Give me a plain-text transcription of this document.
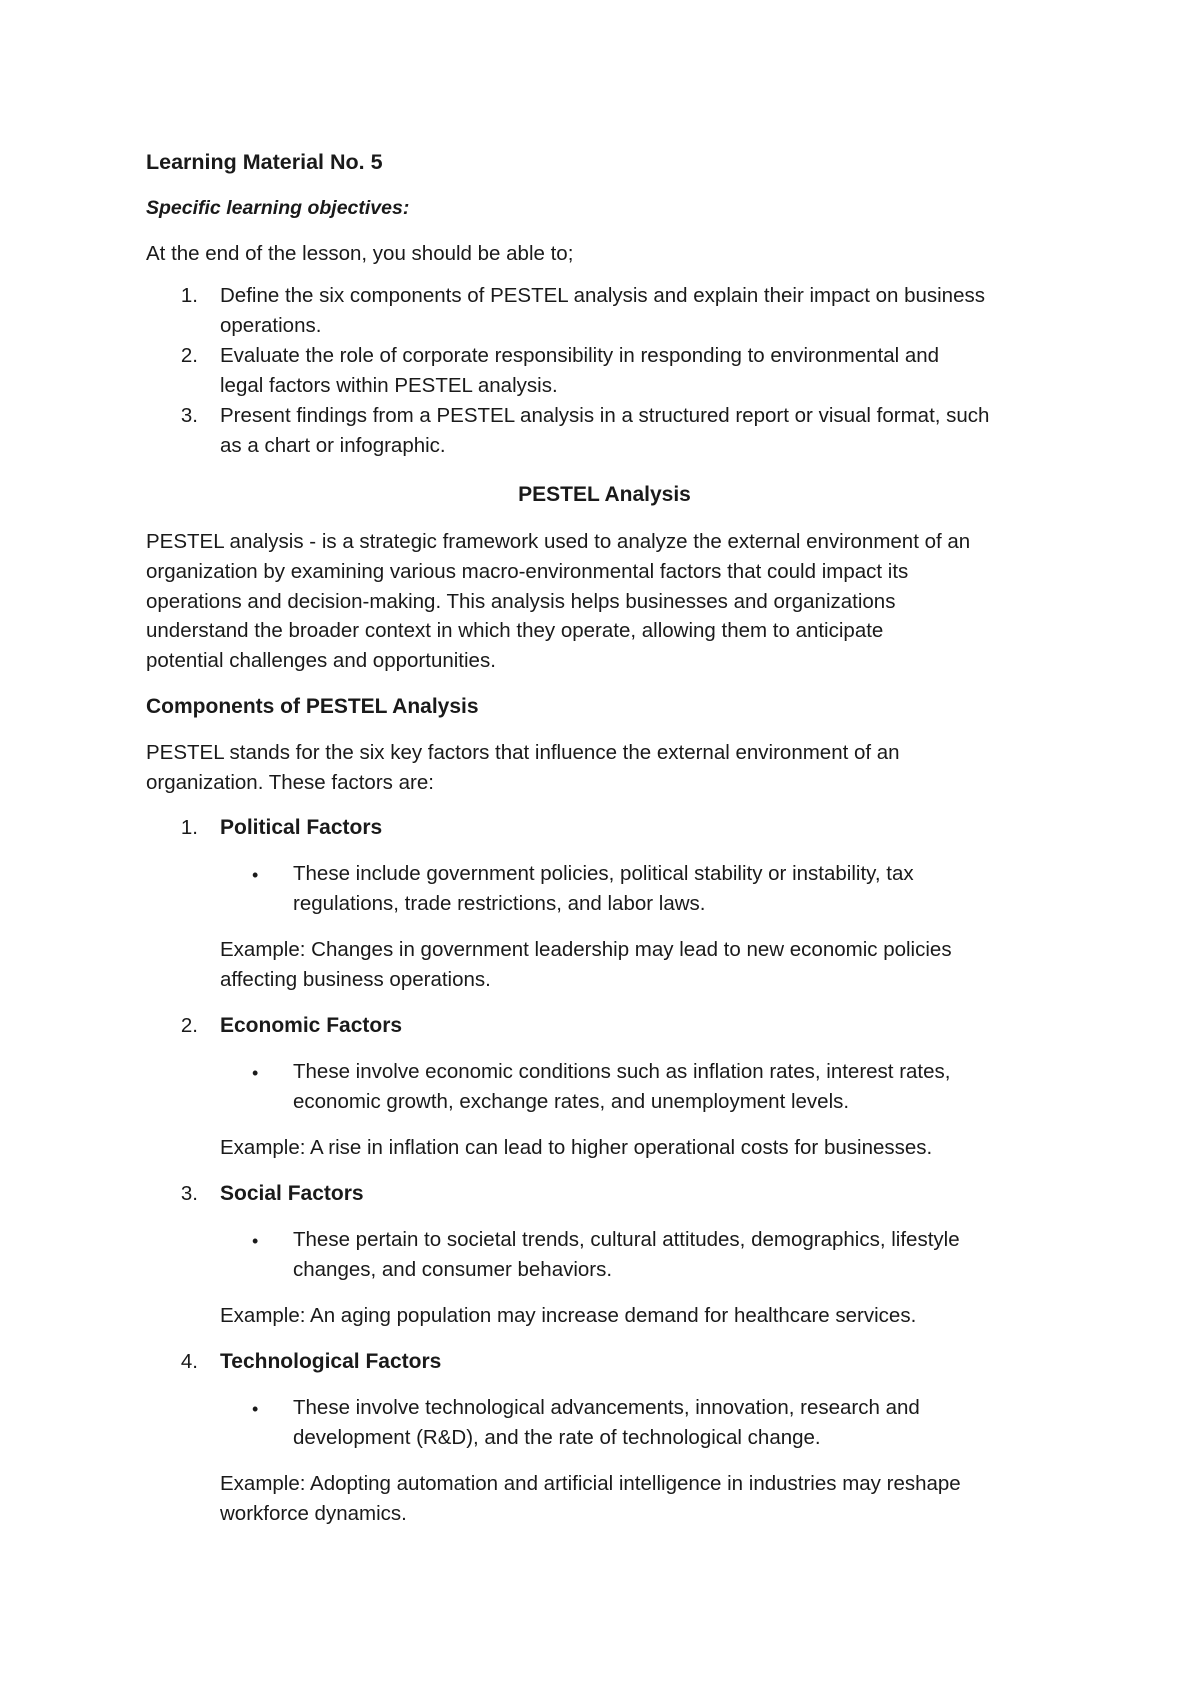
Learning Material No. 5
Specific learning objectives:
At the end of the lesson, you should be able to;
1. Define the six components of PESTEL analysis and explain their impact on business
operations.
2. Evaluate the role of corporate responsibility in responding to environmental and
legal factors within PESTEL analysis.
3. Present findings from a PESTEL analysis in a structured report or visual format, such
as a chart or infographic.
PESTEL Analysis
PESTEL analysis - is a strategic framework used to analyze the external environment of an
organization by examining various macro-environmental factors that could impact its
operations and decision-making. This analysis helps businesses and organizations
understand the broader context in which they operate, allowing them to anticipate
potential challenges and opportunities.
Components of PESTEL Analysis
PESTEL stands for the six key factors that influence the external environment of an
organization. These factors are:
1. Political Factors
• These include government policies, political stability or instability, tax
regulations, trade restrictions, and labor laws.
Example: Changes in government leadership may lead to new economic policies
affecting business operations.
2. Economic Factors
• These involve economic conditions such as inflation rates, interest rates,
economic growth, exchange rates, and unemployment levels.
Example: A rise in inflation can lead to higher operational costs for businesses.
3. Social Factors
• These pertain to societal trends, cultural attitudes, demographics, lifestyle
changes, and consumer behaviors.
Example: An aging population may increase demand for healthcare services.
4. Technological Factors
• These involve technological advancements, innovation, research and
development (R&D), and the rate of technological change.
Example: Adopting automation and artificial intelligence in industries may reshape
workforce dynamics.
